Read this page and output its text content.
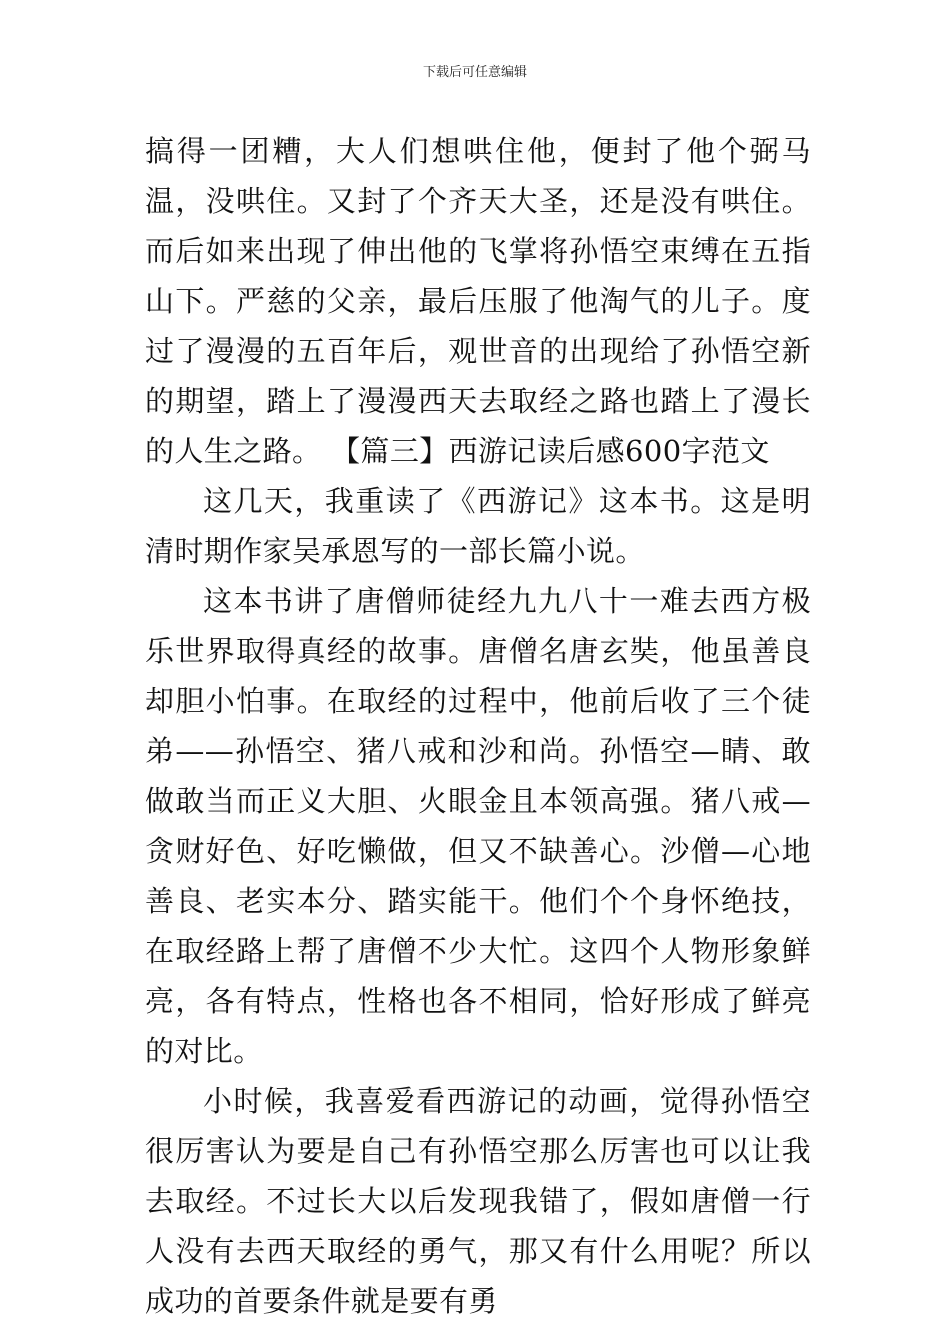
下载后可任意编辑

搞得一团糟，大人们想哄住他，便封了他个弼马温，没哄住。又封了个齐天大圣，还是没有哄住。而后如来出现了伸出他的飞掌将孙悟空束缚在五指山下。严慈的父亲，最后压服了他淘气的儿子。度过了漫漫的五百年后，观世音的出现给了孙悟空新的期望，踏上了漫漫西天去取经之路也踏上了漫长的人生之路。 【篇三】西游记读后感600字范文

这几天，我重读了《西游记》这本书。这是明清时期作家吴承恩写的一部长篇小说。

这本书讲了唐僧师徒经九九八十一难去西方极乐世界取得真经的故事。唐僧名唐玄奘，他虽善良却胆小怕事。在取经的过程中，他前后收了三个徒弟——孙悟空、猪八戒和沙和尚。孙悟空—睛、敢做敢当而正义大胆、火眼金且本领高强。猪八戒—贪财好色、好吃懒做，但又不缺善心。沙僧—心地善良、老实本分、踏实能干。他们个个身怀绝技，在取经路上帮了唐僧不少大忙。这四个人物形象鲜亮，各有特点，性格也各不相同，恰好形成了鲜亮的对比。

小时候，我喜爱看西游记的动画，觉得孙悟空很厉害认为要是自己有孙悟空那么厉害也可以让我去取经。不过长大以后发现我错了，假如唐僧一行人没有去西天取经的勇气，那又有什么用呢？所以成功的首要条件就是要有勇
